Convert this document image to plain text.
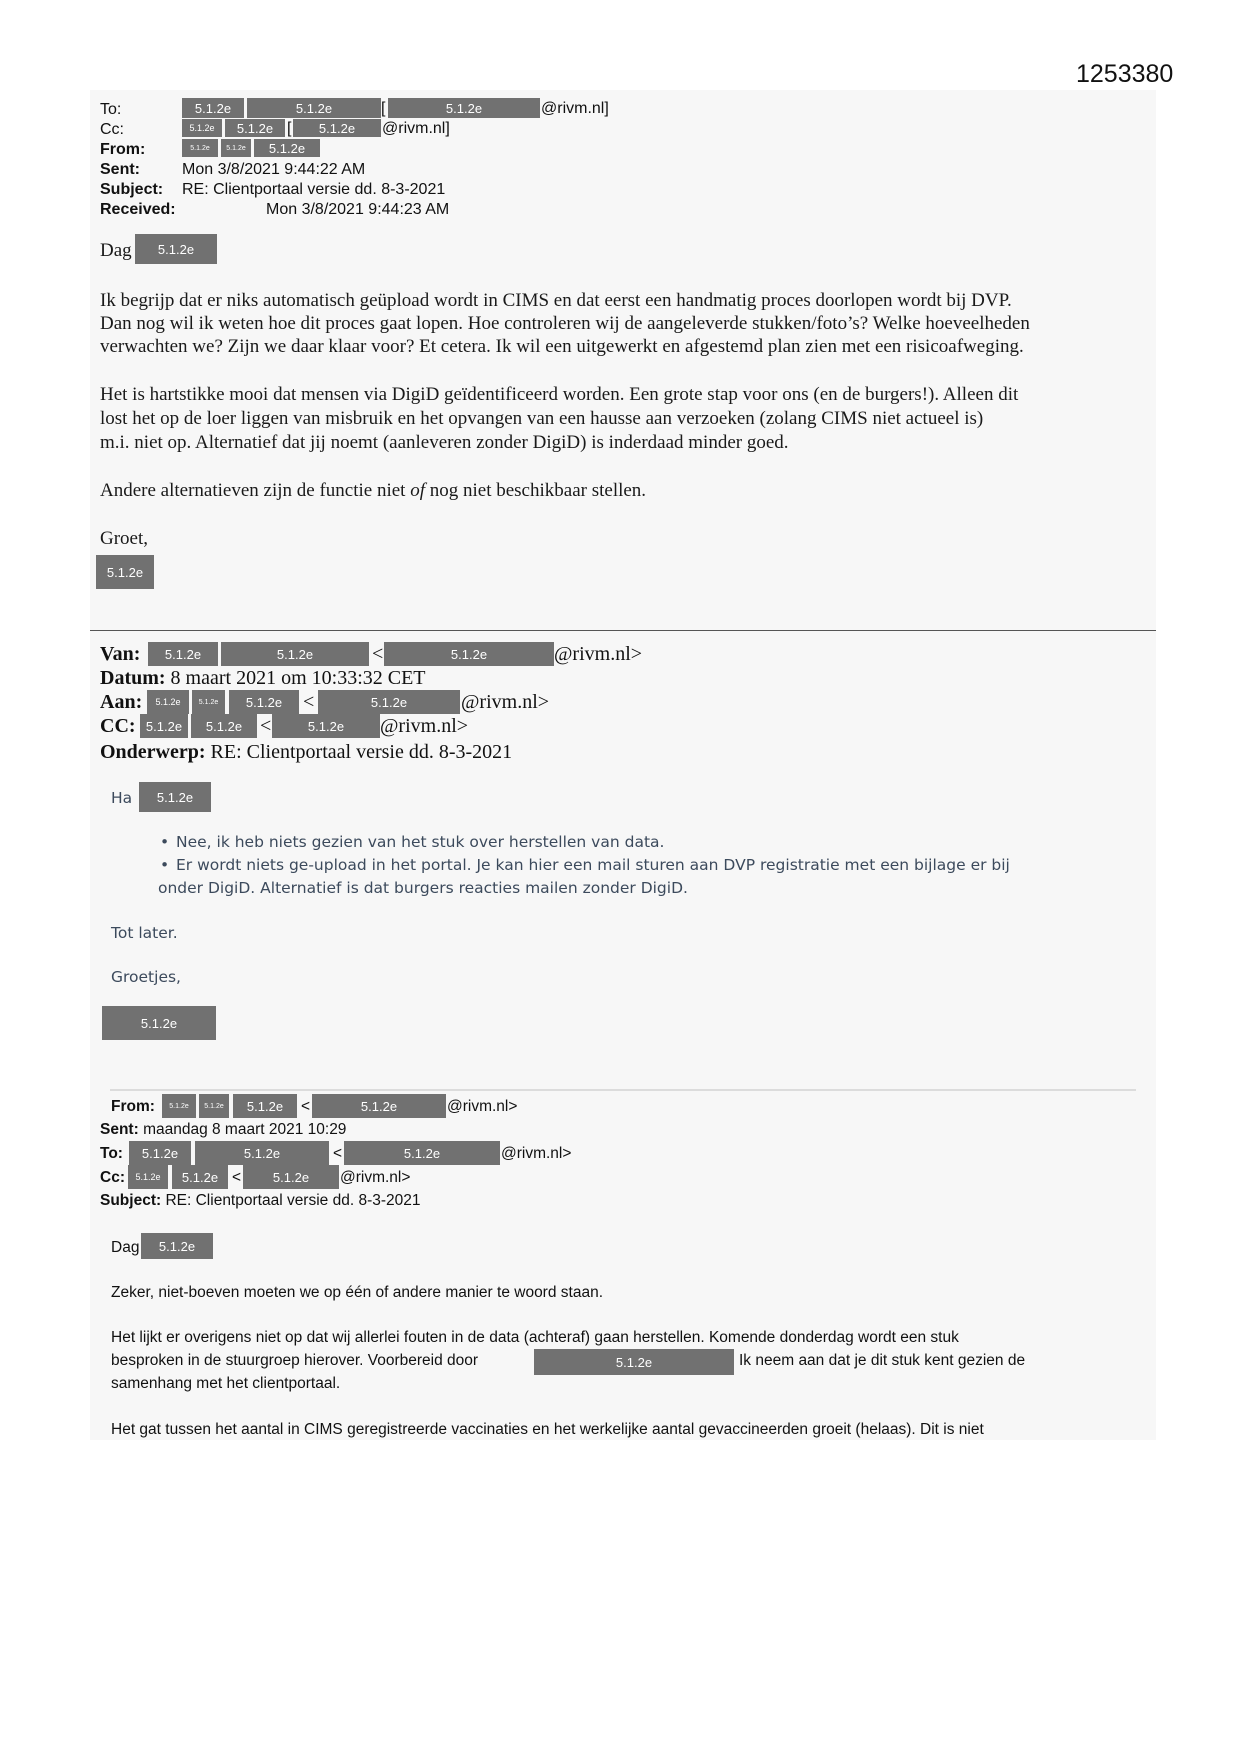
1253380
To:	5.1.2e	5.1.2e	[	5.1.2e	@rivm.nl]
Cc:	5.1.2e	5.1.2e [	5.1.2e	@rivm.nl]
From:	5.1.2e	5.1.2e	5.1.2e
Sent:	Mon 3/8/2021 9:44:22 AM
Subject: RE: Clientportaal versie dd. 8-3-2021
Received:	Mon 3/8/2021 9:44:23 AM
Dag	5.1.2e
Ik begrijp dat er niks automatisch geüpload wordt in CIMS en dat eerst een handmatig proces doorlopen wordt bij DVP.
Dan nog wil ik weten hoe dit proces gaat lopen. Hoe controleren wij de aangeleverde stukken/foto’s? Welke hoeveelheden
verwachten we? Zijn we daar klaar voor? Et cetera. Ik wil een uitgewerkt en afgestemd plan zien met een risicoafweging.
Het is hartstikke mooi dat mensen via DigiD geïdentificeerd worden. Een grote stap voor ons (en de burgers!). Alleen dit
lost het op de loer liggen van misbruik en het opvangen van een hausse aan verzoeken (zolang CIMS niet actueel is)
m.i. niet op. Alternatief dat jij noemt (aanleveren zonder DigiD) is inderdaad minder goed.
Andere alternatieven zijn de functie niet of nog niet beschikbaar stellen.
Groet,
5.1.2e
Van:	5.1.2e	5.1.2e	<	5.1.2e	@rivm.nl>
Datum: 8 maart 2021 om 10:33:32 CET
Aan:	5.1.2e	5.1.2e	5.1.2e	<	5.1.2e	@rivm.nl>
CC: 5.1.2e	5.1.2e <	5.1.2e	@rivm.nl>
Onderwerp: RE: Clientportaal versie dd. 8-3-2021
Ha	5.1.2e
• Nee, ik heb niets gezien van het stuk over herstellen van data.
• Er wordt niets ge-upload in het portal. Je kan hier een mail sturen aan DVP registratie met een bijlage er bij
onder DigiD. Alternatief is dat burgers reacties mailen zonder DigiD.
Tot later.
Groetjes,
5.1.2e
From:	5.1.2e	5.1.2e	5.1.2e	<	5.1.2e	@rivm.nl>
Sent: maandag 8 maart 2021 10:29
To:	5.1.2e	5.1.2e	<	5.1.2e	@rivm.nl>
Cc:	5.1.2e	5.1.2e <	5.1.2e	@rivm.nl>
Subject: RE: Clientportaal versie dd. 8-3-2021
Dag	5.1.2e
Zeker, niet-boeven moeten we op één of andere manier te woord staan.
Het lijkt er overigens niet op dat wij allerlei fouten in de data (achteraf) gaan herstellen. Komende donderdag wordt een stuk
besproken in de stuurgroep hierover. Voorbereid door	5.1.2e	Ik neem aan dat je dit stuk kent gezien de
samenhang met het clientportaal.
Het gat tussen het aantal in CIMS geregistreerde vaccinaties en het werkelijke aantal gevaccineerden groeit (helaas). Dit is niet
